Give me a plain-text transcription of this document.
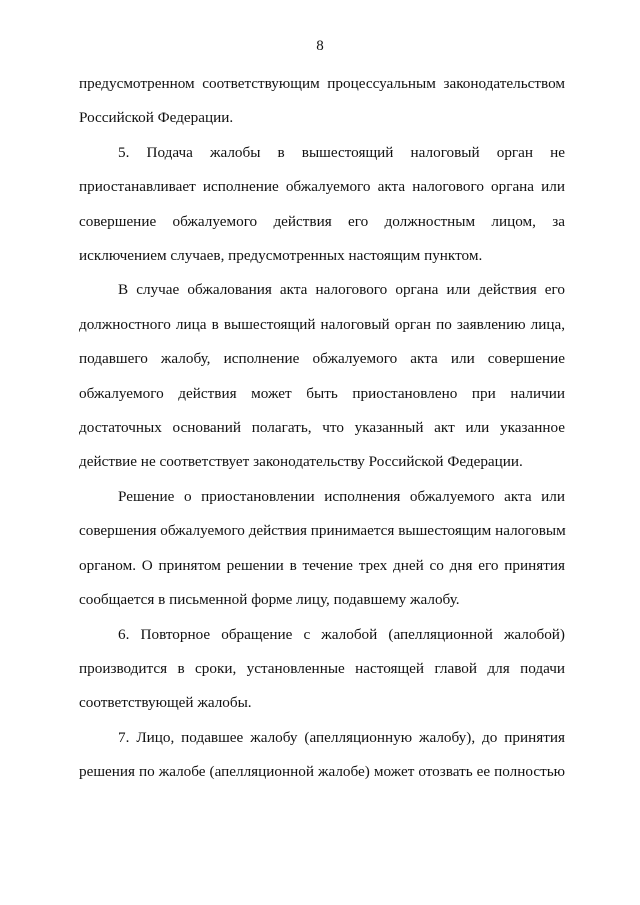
8
предусмотренном соответствующим процессуальным законодательством
Российской Федерации.
5. Подача жалобы в вышестоящий налоговый орган не
приостанавливает исполнение обжалуемого акта налогового органа или
совершение обжалуемого действия его должностным лицом, за
исключением случаев, предусмотренных настоящим пунктом.
В случае обжалования акта налогового органа или действия его
должностного лица в вышестоящий налоговый орган по заявлению лица,
подавшего жалобу, исполнение обжалуемого акта или совершение
обжалуемого действия может быть приостановлено при наличии
достаточных оснований полагать, что указанный акт или указанное
действие не соответствует законодательству Российской Федерации.
Решение о приостановлении исполнения обжалуемого акта или
совершения обжалуемого действия принимается вышестоящим налоговым
органом. О принятом решении в течение трех дней со дня его принятия
сообщается в письменной форме лицу, подавшему жалобу.
6. Повторное обращение с жалобой (апелляционной жалобой)
производится в сроки, установленные настоящей главой для подачи
соответствующей жалобы.
7. Лицо, подавшее жалобу (апелляционную жалобу), до принятия
решения по жалобе (апелляционной жалобе) может отозвать ее полностью
